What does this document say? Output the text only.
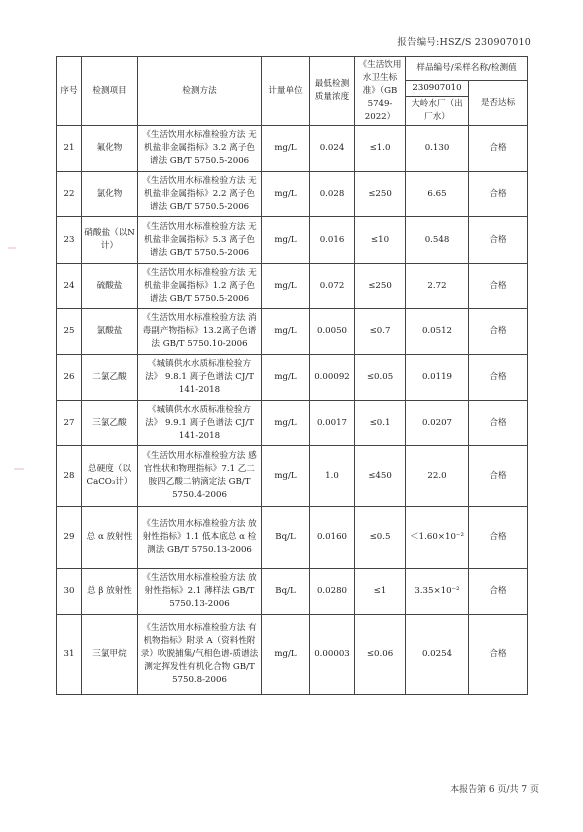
报告编号:HSZ/S 230907010
序号	检测项目	检测方法	计量单位	最低检测质量浓度	《生活饮用水卫生标准》（GB 5749-2022）	样品编号/采样名称/检测值	
						230907010	是否达标
						大岭水厂（出厂水）	
21	氟化物	《生活饮用水标准检验方法 无机盐非金属指标》3.2 离子色谱法 GB/T 5750.5-2006	mg/L	0.024	≤1.0	0.130	合格
22	氯化物	《生活饮用水标准检验方法 无机盐非金属指标》2.2 离子色谱法 GB/T 5750.5-2006	mg/L	0.028	≤250	6.65	合格
23	硝酸盐（以N计）	《生活饮用水标准检验方法 无机盐非金属指标》5.3 离子色谱法 GB/T 5750.5-2006	mg/L	0.016	≤10	0.548	合格
24	硫酸盐	《生活饮用水标准检验方法 无机盐非金属指标》1.2 离子色谱法 GB/T 5750.5-2006	mg/L	0.072	≤250	2.72	合格
25	氯酸盐	《生活饮用水标准检验方法 消毒副产物指标》13.2离子色谱法 GB/T 5750.10-2006	mg/L	0.0050	≤0.7	0.0512	合格
26	二氯乙酸	《城镇供水水质标准检验方法》 9.8.1 离子色谱法 CJ/T 141-2018	mg/L	0.00092	≤0.05	0.0119	合格
27	三氯乙酸	《城镇供水水质标准检验方法》 9.9.1 离子色谱法 CJ/T 141-2018	mg/L	0.0017	≤0.1	0.0207	合格
28	总硬度（以CaCO₃计）	《生活饮用水标准检验方法 感官性状和物理指标》7.1 乙二胺四乙酸二钠滴定法 GB/T 5750.4-2006	mg/L	1.0	≤450	22.0	合格
29	总 α 放射性	《生活饮用水标准检验方法 放射性指标》1.1 低本底总 α 检测法 GB/T 5750.13-2006	Bq/L	0.0160	≤0.5	＜1.60×10⁻²	合格
30	总 β 放射性	《生活饮用水标准检验方法 放射性指标》2.1 薄样法 GB/T 5750.13-2006	Bq/L	0.0280	≤1	3.35×10⁻²	合格
31	三氯甲烷	《生活饮用水标准检验方法 有机物指标》附录 A（资料性附录）吹脱捕集/气相色谱-质谱法测定挥发性有机化合物 GB/T 5750.8-2006	mg/L	0.00003	≤0.06	0.0254	合格
本报告第 6 页/共 7 页
